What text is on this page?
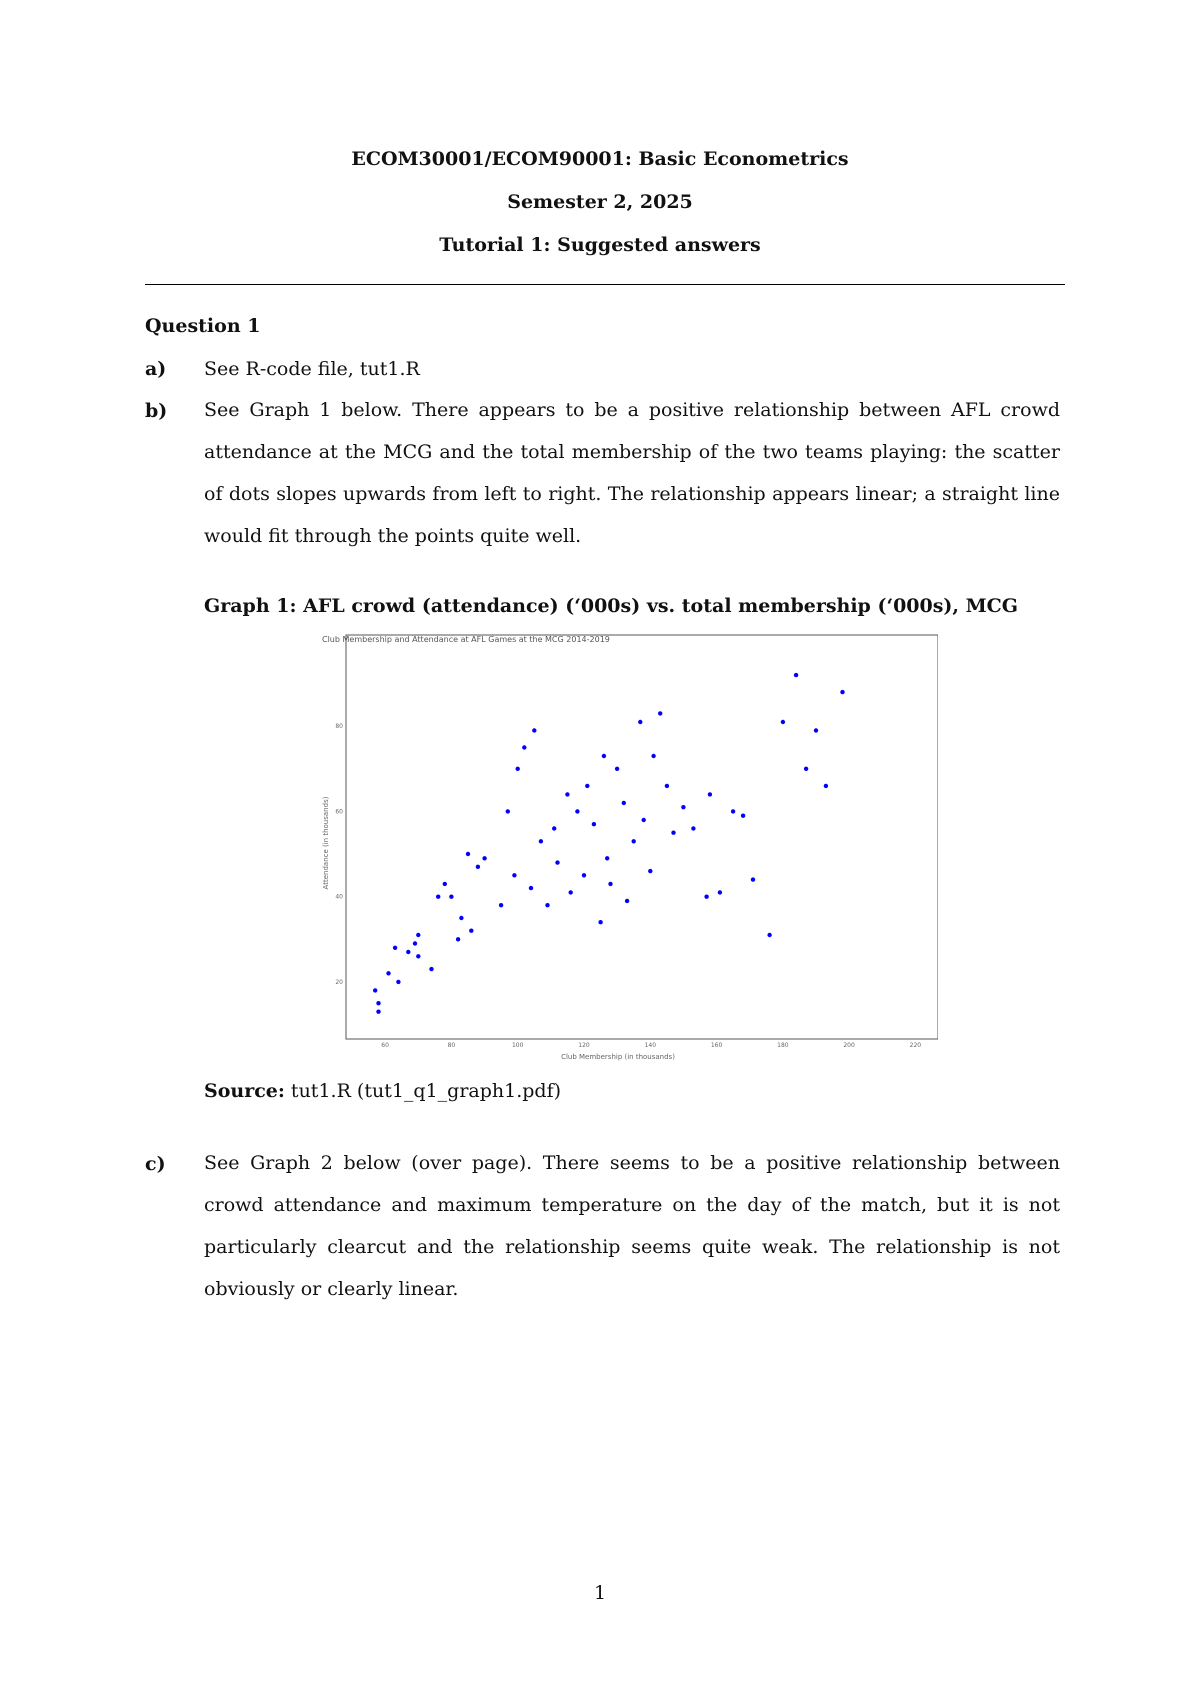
ECOM30001/ECOM90001: Basic Econometrics
Semester 2, 2025
Tutorial 1: Suggested answers
Question 1
a) See R-code file, tut1.R
b) See Graph 1 below. There appears to be a positive relationship between AFL crowd attendance at the MCG and the total membership of the two teams playing: the scatter of dots slopes upwards from left to right. The relationship appears linear; a straight line would fit through the points quite well.
Graph 1: AFL crowd (attendance) (‘000s) vs. total membership (‘000s), MCG
Club Membership and Attendance at AFL Games at the MCG 2014-2019
Club Membership (in thousands)
Attendance (in thousands)
60	80	100	120	140	160	180	200	220
20
40
60
80
Source: tut1.R (tut1_q1_graph1.pdf)
c) See Graph 2 below (over page). There seems to be a positive relationship between crowd attendance and maximum temperature on the day of the match, but it is not particularly clearcut and the relationship seems quite weak. The relationship is not obviously or clearly linear.
1
